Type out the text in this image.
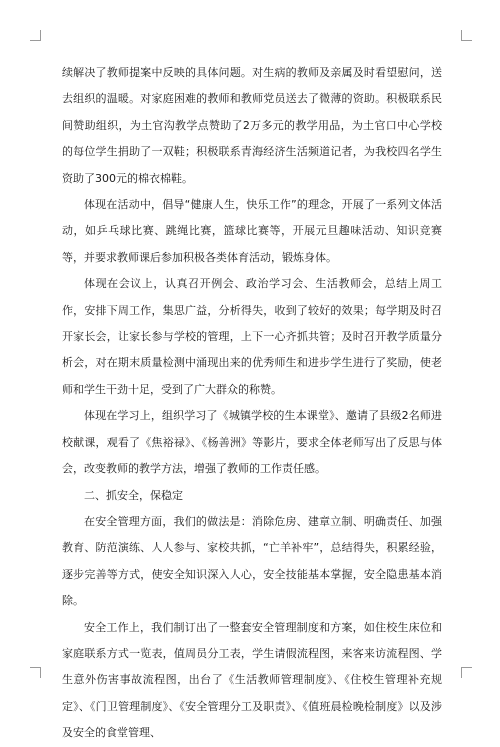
续解决了教师提案中反映的具体问题。对生病的教师及亲属及时看望慰问，送去组织的温暖。对家庭困难的教师和教师党员送去了微薄的资助。积极联系民间赞助组织，为土官沟教学点赞助了2万多元的教学用品，为土官口中心学校的每位学生捐助了一双鞋；积极联系青海经济生活频道记者，为我校四名学生资助了300元的棉衣棉鞋。

体现在活动中，倡导“健康人生，快乐工作”的理念，开展了一系列文体活动，如乒乓球比赛、跳绳比赛，篮球比赛等，开展元旦趣味活动、知识竞赛等，并要求教师课后参加积极各类体育活动，锻炼身体。

体现在会议上，认真召开例会、政治学习会、生活教师会，总结上周工作，安排下周工作，集思广益，分析得失，收到了较好的效果；每学期及时召开家长会，让家长参与学校的管理，上下一心齐抓共管；及时召开教学质量分析会，对在期末质量检测中涌现出来的优秀师生和进步学生进行了奖励，使老师和学生干劲十足，受到了广大群众的称赞。

体现在学习上，组织学习了《城镇学校的生本课堂》、邀请了县级2名师进校献课，观看了《焦裕禄》、《杨善洲》等影片，要求全体老师写出了反思与体会，改变教师的教学方法，增强了教师的工作责任感。

二、抓安全，保稳定

在安全管理方面，我们的做法是：消除危房、建章立制、明确责任、加强教育、防范演练、人人参与、家校共抓，“亡羊补牢”，总结得失，积累经验，逐步完善等方式，使安全知识深入人心，安全技能基本掌握，安全隐患基本消除。

安全工作上，我们制订出了一整套安全管理制度和方案，如住校生床位和家庭联系方式一览表，值周员分工表，学生请假流程图，来客来访流程图、学生意外伤害事故流程图，出台了《生活教师管理制度》、《住校生管理补充规定》、《门卫管理制度》、《安全管理分工及职责》、《值班晨检晚检制度》以及涉及安全的食堂管理、
